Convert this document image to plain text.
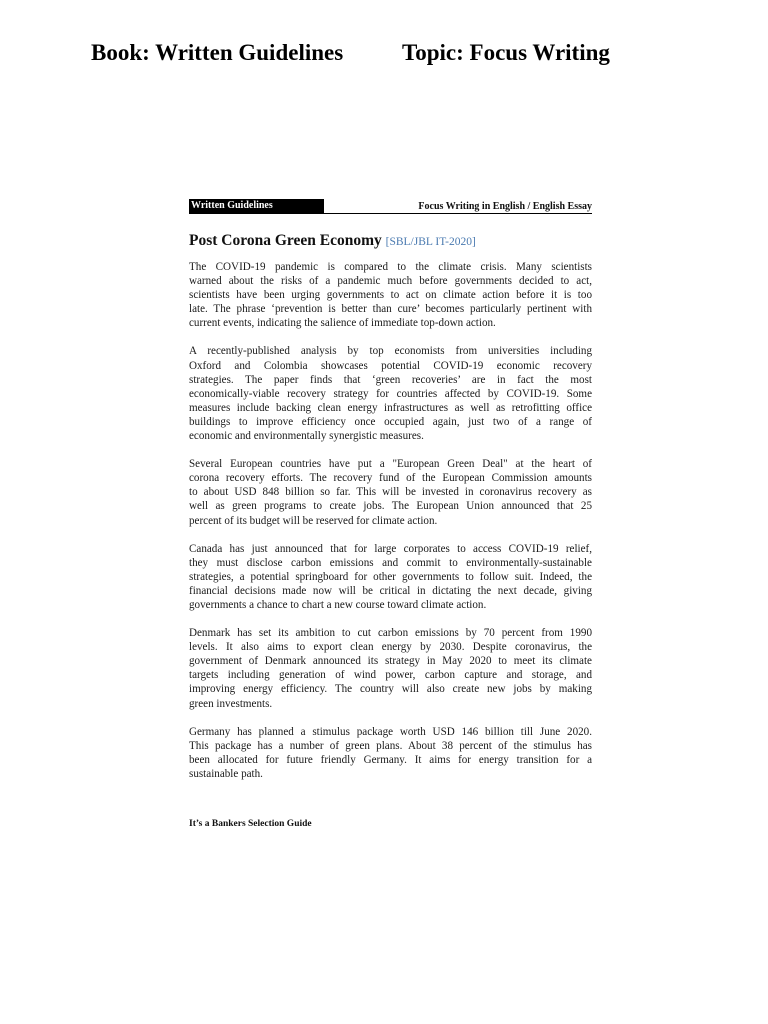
Book: Written Guidelines	Topic: Focus Writing
Written Guidelines	Focus Writing in English / English Essay
Post Corona Green Economy [SBL/JBL IT-2020]

The COVID-19 pandemic is compared to the climate crisis. Many scientists
warned about the risks of a pandemic much before governments decided to act,
scientists have been urging governments to act on climate action before it is too
late. The phrase ‘prevention is better than cure’ becomes particularly pertinent with
current events, indicating the salience of immediate top-down action.

A recently-published analysis by top economists from universities including
Oxford and Colombia showcases potential COVID-19 economic recovery
strategies. The paper finds that ‘green recoveries’ are in fact the most
economically-viable recovery strategy for countries affected by COVID-19. Some
measures include backing clean energy infrastructures as well as retrofitting office
buildings to improve efficiency once occupied again, just two of a range of
economic and environmentally synergistic measures.

Several European countries have put a "European Green Deal" at the heart of
corona recovery efforts. The recovery fund of the European Commission amounts
to about USD 848 billion so far. This will be invested in coronavirus recovery as
well as green programs to create jobs. The European Union announced that 25
percent of its budget will be reserved for climate action.

Canada has just announced that for large corporates to access COVID-19 relief,
they must disclose carbon emissions and commit to environmentally-sustainable
strategies, a potential springboard for other governments to follow suit. Indeed, the
financial decisions made now will be critical in dictating the next decade, giving
governments a chance to chart a new course toward climate action.

Denmark has set its ambition to cut carbon emissions by 70 percent from 1990
levels. It also aims to export clean energy by 2030. Despite coronavirus, the
government of Denmark announced its strategy in May 2020 to meet its climate
targets including generation of wind power, carbon capture and storage, and
improving energy efficiency. The country will also create new jobs by making
green investments.

Germany has planned a stimulus package worth USD 146 billion till June 2020.
This package has a number of green plans. About 38 percent of the stimulus has
been allocated for future friendly Germany. It aims for energy transition for a
sustainable path.

It’s a Bankers Selection Guide
